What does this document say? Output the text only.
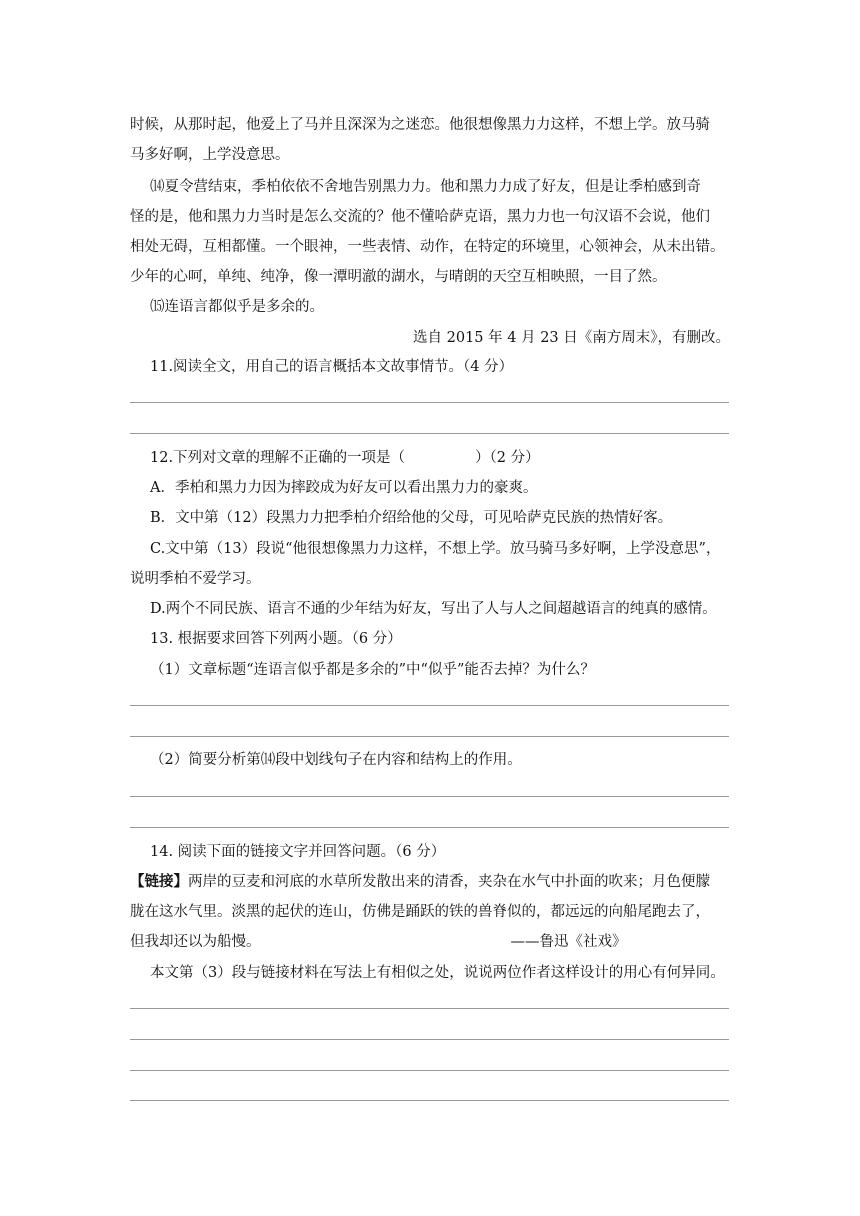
时候，从那时起，他爱上了马并且深深为之迷恋。他很想像黑力力这样，不想上学。放马骑
马多好啊，上学没意思。
⒁夏令营结束，季柏依依不舍地告别黑力力。他和黑力力成了好友，但是让季柏感到奇
怪的是，他和黑力力当时是怎么交流的？他不懂哈萨克语，黑力力也一句汉语不会说，他们
相处无碍，互相都懂。一个眼神，一些表情、动作，在特定的环境里，心领神会，从未出错。
少年的心呵，单纯、纯净，像一潭明澈的湖水，与晴朗的天空互相映照，一目了然。
⒂连语言都似乎是多余的。
选自 2015 年 4 月 23 日《南方周末》，有删改。
11.阅读全文，用自己的语言概括本文故事情节。（4 分）
12.下列对文章的理解不正确的一项是（	）（2 分）
A．季柏和黑力力因为摔跤成为好友可以看出黑力力的豪爽。
B．文中第（12）段黑力力把季柏介绍给他的父母，可见哈萨克民族的热情好客。
C.文中第（13）段说“他很想像黑力力这样，不想上学。放马骑马多好啊，上学没意思”，
说明季柏不爱学习。
D.两个不同民族、语言不通的少年结为好友，写出了人与人之间超越语言的纯真的感情。
13. 根据要求回答下列两小题。（6 分）
（1）文章标题“连语言似乎都是多余的”中“似乎”能否去掉？为什么？
（2）简要分析第⒁段中划线句子在内容和结构上的作用。
14. 阅读下面的链接文字并回答问题。（6 分）
【链接】两岸的豆麦和河底的水草所发散出来的清香，夹杂在水气中扑面的吹来；月色便朦
胧在这水气里。淡黑的起伏的连山，仿佛是踊跃的铁的兽脊似的，都远远的向船尾跑去了，
但我却还以为船慢。	——鲁迅《社戏》
本文第（3）段与链接材料在写法上有相似之处，说说两位作者这样设计的用心有何异同。
